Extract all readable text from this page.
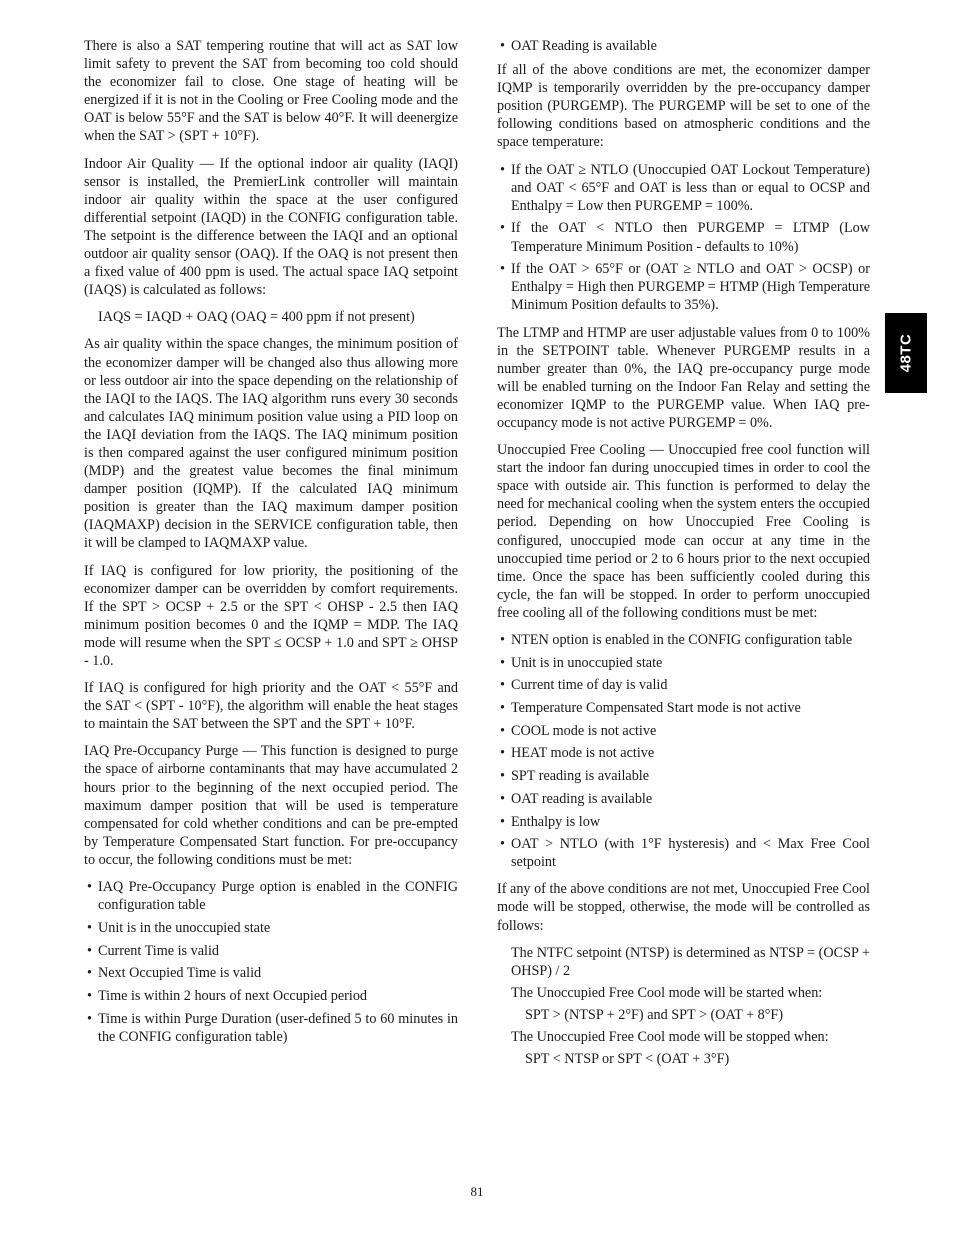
There is also a SAT tempering routine that will act as SAT low limit safety to prevent the SAT from becoming too cold should the economizer fail to close. One stage of heating will be energized if it is not in the Cooling or Free Cooling mode and the OAT is below 55°F and the SAT is below 40°F. It will deenergize when the SAT > (SPT + 10°F).

Indoor Air Quality — If the optional indoor air quality (IAQI) sensor is installed, the PremierLink controller will maintain indoor air quality within the space at the user configured differential setpoint (IAQD) in the CONFIG configuration table. The setpoint is the difference between the IAQI and an optional outdoor air quality sensor (OAQ). If the OAQ is not present then a fixed value of 400 ppm is used. The actual space IAQ setpoint (IAQS) is calculated as follows:

IAQS = IAQD + OAQ (OAQ = 400 ppm if not present)

As air quality within the space changes, the minimum position of the economizer damper will be changed also thus allowing more or less outdoor air into the space depending on the relationship of the IAQI to the IAQS. The IAQ algorithm runs every 30 seconds and calculates IAQ minimum position value using a PID loop on the IAQI deviation from the IAQS. The IAQ minimum position is then compared against the user configured minimum position (MDP) and the greatest value becomes the final minimum damper position (IQMP). If the calculated IAQ minimum position is greater than the IAQ maximum damper position (IAQMAXP) decision in the SERVICE configuration table, then it will be clamped to IAQMAXP value.

If IAQ is configured for low priority, the positioning of the economizer damper can be overridden by comfort requirements. If the SPT > OCSP + 2.5 or the SPT < OHSP - 2.5 then IAQ minimum position becomes 0 and the IQMP = MDP. The IAQ mode will resume when the SPT ≤ OCSP + 1.0 and SPT ≥ OHSP - 1.0.

If IAQ is configured for high priority and the OAT < 55°F and the SAT < (SPT - 10°F), the algorithm will enable the heat stages to maintain the SAT between the SPT and the SPT + 10°F.

IAQ Pre-Occupancy Purge — This function is designed to purge the space of airborne contaminants that may have accumulated 2 hours prior to the beginning of the next occupied period. The maximum damper position that will be used is temperature compensated for cold whether conditions and can be pre-empted by Temperature Compensated Start function. For pre-occupancy to occur, the following conditions must be met:

• IAQ Pre-Occupancy Purge option is enabled in the CONFIG configuration table
• Unit is in the unoccupied state
• Current Time is valid
• Next Occupied Time is valid
• Time is within 2 hours of next Occupied period
• Time is within Purge Duration (user-defined 5 to 60 minutes in the CONFIG configuration table)
• OAT Reading is available

If all of the above conditions are met, the economizer damper IQMP is temporarily overridden by the pre-occupancy damper position (PURGEMP). The PURGEMP will be set to one of the following conditions based on atmospheric conditions and the space temperature:

• If the OAT ≥ NTLO (Unoccupied OAT Lockout Temperature) and OAT < 65°F and OAT is less than or equal to OCSP and Enthalpy = Low then PURGEMP = 100%.
• If the OAT < NTLO then PURGEMP = LTMP (Low Temperature Minimum Position - defaults to 10%)
• If the OAT > 65°F or (OAT ≥ NTLO and OAT > OCSP) or Enthalpy = High then PURGEMP = HTMP (High Temperature Minimum Position defaults to 35%).

The LTMP and HTMP are user adjustable values from 0 to 100% in the SETPOINT table. Whenever PURGEMP results in a number greater than 0%, the IAQ pre-occupancy purge mode will be enabled turning on the Indoor Fan Relay and setting the economizer IQMP to the PURGEMP value. When IAQ pre-occupancy mode is not active PURGEMP = 0%.

Unoccupied Free Cooling — Unoccupied free cool function will start the indoor fan during unoccupied times in order to cool the space with outside air. This function is performed to delay the need for mechanical cooling when the system enters the occupied period. Depending on how Unoccupied Free Cooling is configured, unoccupied mode can occur at any time in the unoccupied time period or 2 to 6 hours prior to the next occupied time. Once the space has been sufficiently cooled during this cycle, the fan will be stopped. In order to perform unoccupied free cooling all of the following conditions must be met:

• NTEN option is enabled in the CONFIG configuration table
• Unit is in unoccupied state
• Current time of day is valid
• Temperature Compensated Start mode is not active
• COOL mode is not active
• HEAT mode is not active
• SPT reading is available
• OAT reading is available
• Enthalpy is low
• OAT > NTLO (with 1°F hysteresis) and < Max Free Cool setpoint

If any of the above conditions are not met, Unoccupied Free Cool mode will be stopped, otherwise, the mode will be controlled as follows:

The NTFC setpoint (NTSP) is determined as NTSP = (OCSP + OHSP) / 2

The Unoccupied Free Cool mode will be started when:

SPT > (NTSP + 2°F) and SPT > (OAT + 8°F)

The Unoccupied Free Cool mode will be stopped when:

SPT < NTSP or SPT < (OAT + 3°F)

48TC
81
